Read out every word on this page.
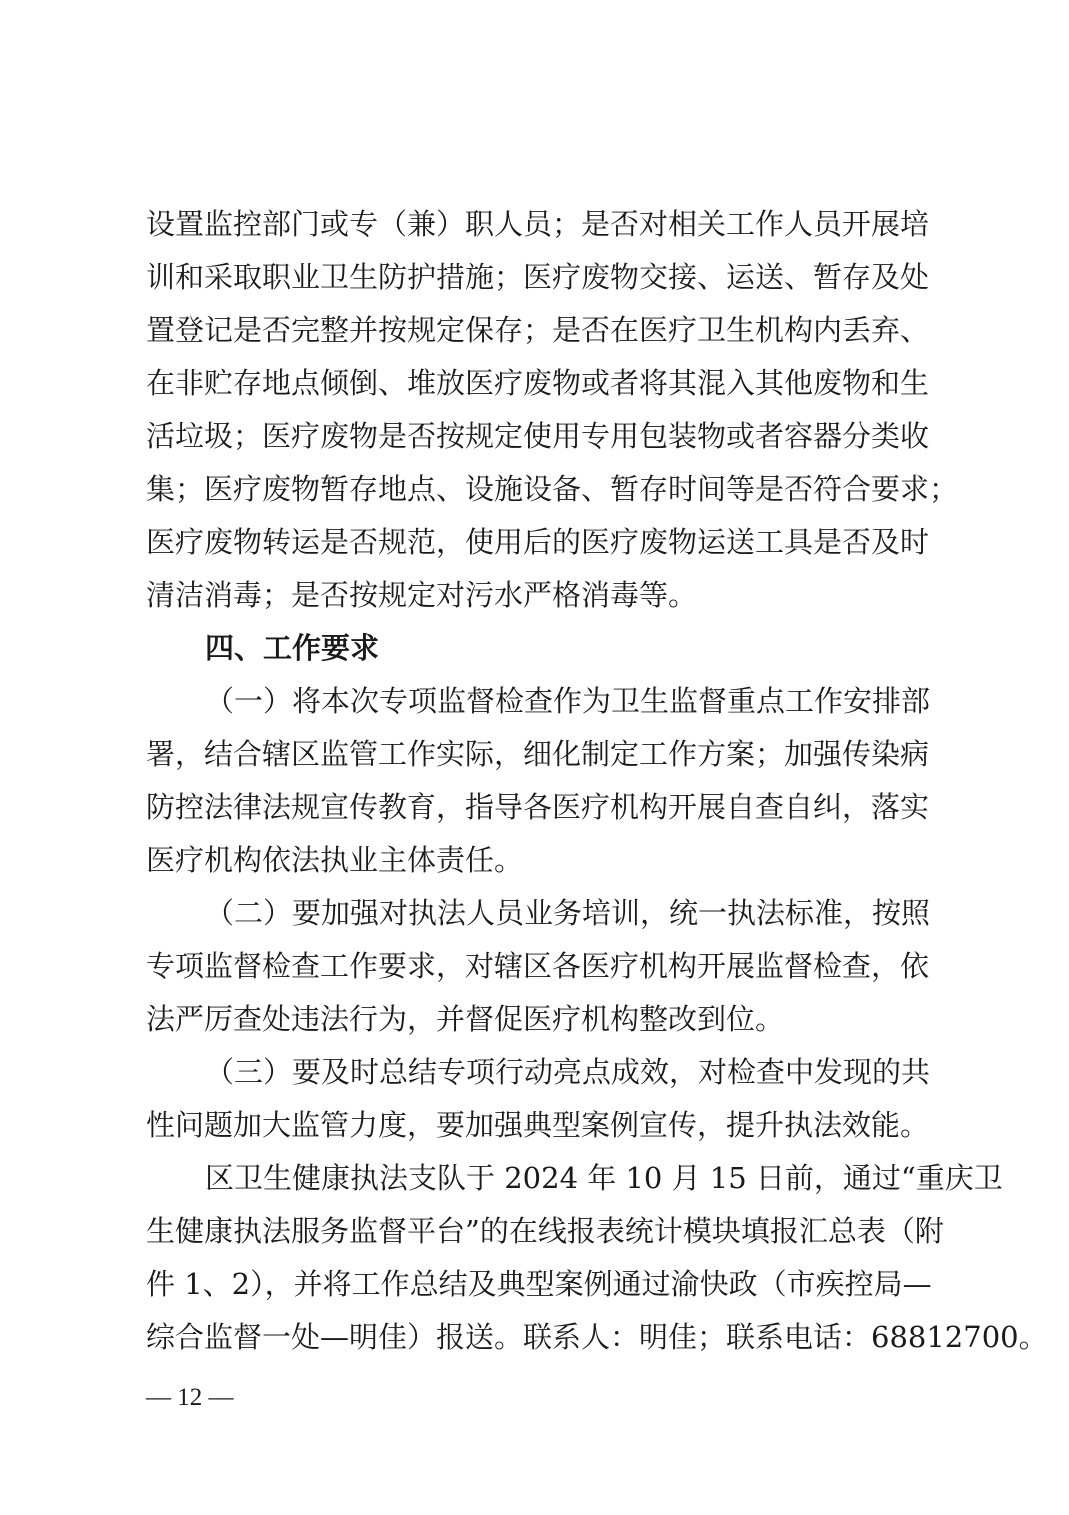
设置监控部门或专（兼）职人员；是否对相关工作人员开展培
训和采取职业卫生防护措施；医疗废物交接、运送、暂存及处
置登记是否完整并按规定保存；是否在医疗卫生机构内丢弃、
在非贮存地点倾倒、堆放医疗废物或者将其混入其他废物和生
活垃圾；医疗废物是否按规定使用专用包装物或者容器分类收
集；医疗废物暂存地点、设施设备、暂存时间等是否符合要求；
医疗废物转运是否规范，使用后的医疗废物运送工具是否及时
清洁消毒；是否按规定对污水严格消毒等。
四、工作要求
（一）将本次专项监督检查作为卫生监督重点工作安排部
署，结合辖区监管工作实际，细化制定工作方案；加强传染病
防控法律法规宣传教育，指导各医疗机构开展自查自纠，落实
医疗机构依法执业主体责任。
（二）要加强对执法人员业务培训，统一执法标准，按照
专项监督检查工作要求，对辖区各医疗机构开展监督检查，依
法严厉查处违法行为，并督促医疗机构整改到位。
（三）要及时总结专项行动亮点成效，对检查中发现的共
性问题加大监管力度，要加强典型案例宣传，提升执法效能。
区卫生健康执法支队于 2024 年 10 月 15 日前，通过“重庆卫
生健康执法服务监督平台”的在线报表统计模块填报汇总表（附
件 1、2），并将工作总结及典型案例通过渝快政（市疾控局—
综合监督一处—明佳）报送。联系人：明佳；联系电话：68812700。
— 12 —
